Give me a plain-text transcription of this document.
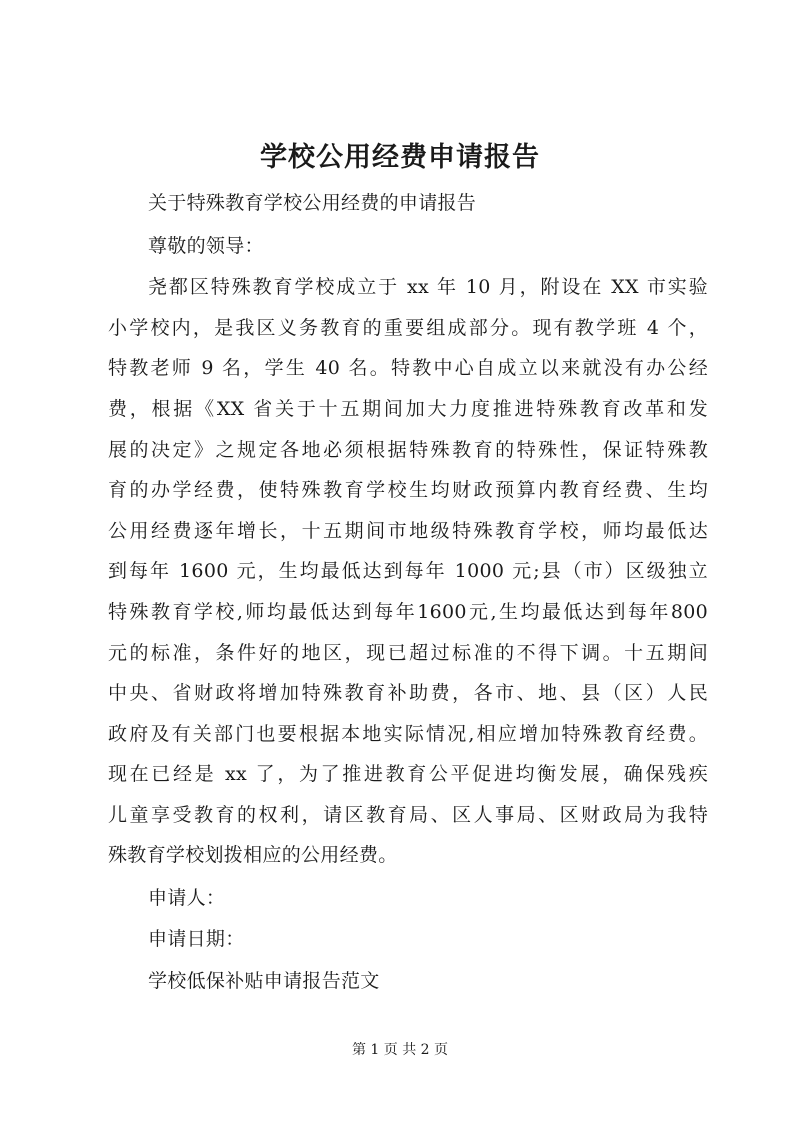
学校公用经费申请报告
关于特殊教育学校公用经费的申请报告
尊敬的领导：
尧都区特殊教育学校成立于 xx 年 10 月，附设在 XX 市实验
小学校内，是我区义务教育的重要组成部分。现有教学班 4 个，
特教老师 9 名，学生 40 名。特教中心自成立以来就没有办公经
费，根据《XX 省关于十五期间加大力度推进特殊教育改革和发
展的决定》之规定各地必须根据特殊教育的特殊性，保证特殊教
育的办学经费，使特殊教育学校生均财政预算内教育经费、生均
公用经费逐年增长，十五期间市地级特殊教育学校，师均最低达
到每年 1600 元，生均最低达到每年 1000 元;县（市）区级独立
特殊教育学校,师均最低达到每年1600元,生均最低达到每年800
元的标准，条件好的地区，现已超过标准的不得下调。十五期间
中央、省财政将增加特殊教育补助费，各市、地、县（区）人民
政府及有关部门也要根据本地实际情况,相应增加特殊教育经费。
现在已经是 xx 了，为了推进教育公平促进均衡发展，确保残疾
儿童享受教育的权利，请区教育局、区人事局、区财政局为我特
殊教育学校划拨相应的公用经费。
申请人：
申请日期：
学校低保补贴申请报告范文
第 1 页 共 2 页
